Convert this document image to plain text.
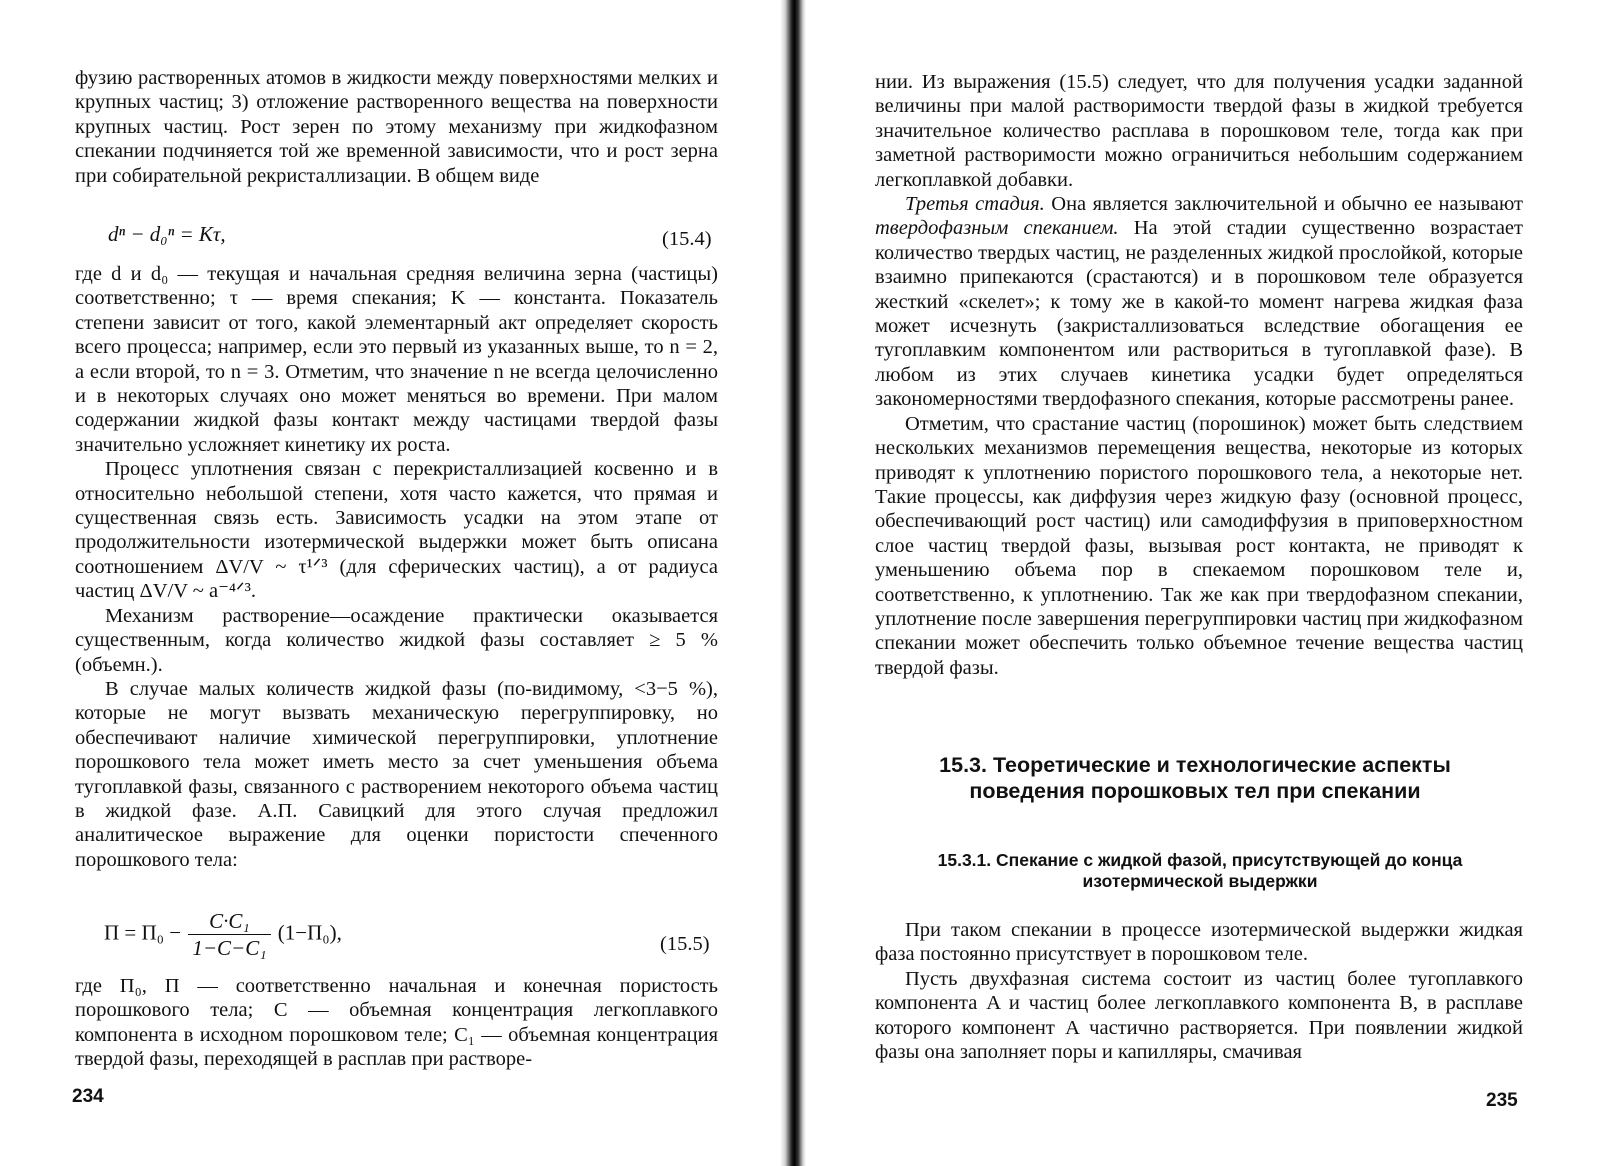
фузию растворенных атомов в жидкости между поверхностями мелких и крупных частиц; 3) отложение растворенного вещества на поверхности крупных частиц. Рост зерен по этому механизму при жидкофазном спекании подчиняется той же временной зависимости, что и рост зерна при собирательной рекристаллизации. В общем виде

dⁿ − d₀ⁿ = Kτ,	(15.4)

где d и d₀ — текущая и начальная средняя величина зерна (частицы) соответственно; τ — время спекания; K — константа. Показатель степени зависит от того, какой элементарный акт определяет скорость всего процесса; например, если это первый из указанных выше, то n = 2, а если второй, то n = 3. Отметим, что значение n не всегда целочисленно и в некоторых случаях оно может меняться во времени. При малом содержании жидкой фазы контакт между частицами твердой фазы значительно усложняет кинетику их роста.

Процесс уплотнения связан с перекристаллизацией косвенно и в относительно небольшой степени, хотя часто кажется, что прямая и существенная связь есть. Зависимость усадки на этом этапе от продолжительности изотермической выдержки может быть описана соотношением ΔV/V ~ τ¹ᐟ³ (для сферических частиц), а от радиуса частиц ΔV/V ~ a⁻⁴ᐟ³.

Механизм растворение—осаждение практически оказывается существенным, когда количество жидкой фазы составляет ≥ 5 % (объемн.).

В случае малых количеств жидкой фазы (по-видимому, <3−5 %), которые не могут вызвать механическую перегруппировку, но обеспечивают наличие химической перегруппировки, уплотнение порошкового тела может иметь место за счет уменьшения объема тугоплавкой фазы, связанного с растворением некоторого объема частиц в жидкой фазе. А.П. Савицкий для этого случая предложил аналитическое выражение для оценки пористости спеченного порошкового тела:

$П = П_0 - \frac{\text{C·C₁}}{\text{1−C−C₁}} (1-П_0)$,	(15.5)

где П₀, П — соответственно начальная и конечная пористость порошкового тела; C — объемная концентрация легкоплавкого компонента в исходном порошковом теле; C₁ — объемная концентрация твердой фазы, переходящей в расплав при растворе-

234

нии. Из выражения (15.5) следует, что для получения усадки заданной величины при малой растворимости твердой фазы в жидкой требуется значительное количество расплава в порошковом теле, тогда как при заметной растворимости можно ограничиться небольшим содержанием легкоплавкой добавки.

Третья стадия. Она является заключительной и обычно ее называют твердофазным спеканием. На этой стадии существенно возрастает количество твердых частиц, не разделенных жидкой прослойкой, которые взаимно припекаются (срастаются) и в порошковом теле образуется жесткий «скелет»; к тому же в какой-то момент нагрева жидкая фаза может исчезнуть (закристаллизоваться вследствие обогащения ее тугоплавким компонентом или раствориться в тугоплавкой фазе). В любом из этих случаев кинетика усадки будет определяться закономерностями твердофазного спекания, которые рассмотрены ранее.

Отметим, что срастание частиц (порошинок) может быть следствием нескольких механизмов перемещения вещества, некоторые из которых приводят к уплотнению пористого порошкового тела, а некоторые нет. Такие процессы, как диффузия через жидкую фазу (основной процесс, обеспечивающий рост частиц) или самодиффузия в приповерхностном слое частиц твердой фазы, вызывая рост контакта, не приводят к уменьшению объема пор в спекаемом порошковом теле и, соответственно, к уплотнению. Так же как при твердофазном спекании, уплотнение после завершения перегруппировки частиц при жидкофазном спекании может обеспечить только объемное течение вещества частиц твердой фазы.

15.3. Теоретические и технологические аспекты поведения порошковых тел при спекании
15.3.1. Спекание с жидкой фазой, присутствующей до конца изотермической выдержки

При таком спекании в процессе изотермической выдержки жидкая фаза постоянно присутствует в порошковом теле.

Пусть двухфазная система состоит из частиц более тугоплавкого компонента A и частиц более легкоплавкого компонента B, в расплаве которого компонент A частично растворяется. При появлении жидкой фазы она заполняет поры и капилляры, смачивая

235
